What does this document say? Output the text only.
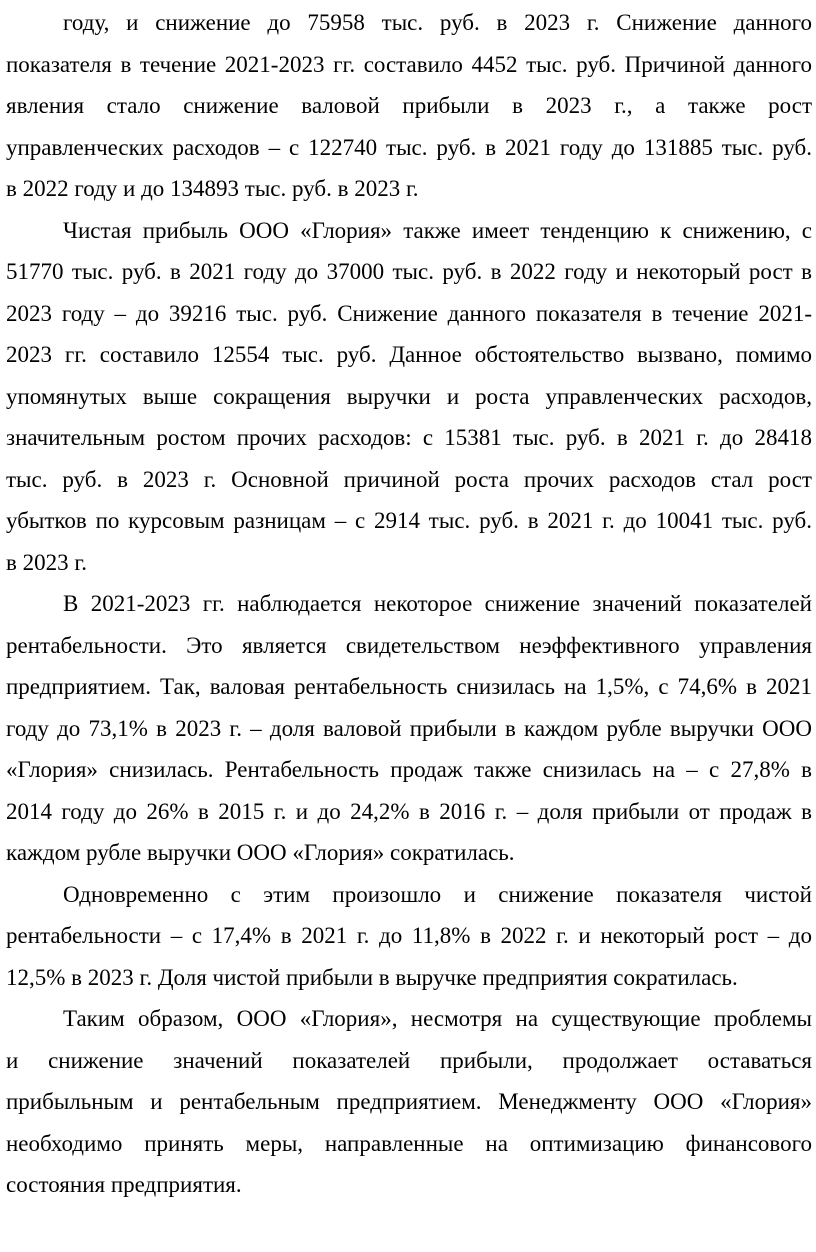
году, и снижение до 75958 тыс. руб. в 2023 г. Снижение данного
показателя в течение 2021-2023 гг. составило 4452 тыс. руб. Причиной данного
явления стало снижение валовой прибыли в 2023 г., а также рост
управленческих расходов – с 122740 тыс. руб. в 2021 году до 131885 тыс. руб.
в 2022 году и до 134893 тыс. руб. в 2023 г.

Чистая прибыль ООО «Глория» также имеет тенденцию к снижению, с
51770 тыс. руб. в 2021 году до 37000 тыс. руб. в 2022 году и некоторый рост в
2023 году – до 39216 тыс. руб. Снижение данного показателя в течение 2021-
2023 гг. составило 12554 тыс. руб. Данное обстоятельство вызвано, помимо
упомянутых выше сокращения выручки и роста управленческих расходов,
значительным ростом прочих расходов: с 15381 тыс. руб. в 2021 г. до 28418
тыс. руб. в 2023 г. Основной причиной роста прочих расходов стал рост
убытков по курсовым разницам – с 2914 тыс. руб. в 2021 г. до 10041 тыс. руб.
в 2023 г.

В 2021-2023 гг. наблюдается некоторое снижение значений показателей
рентабельности. Это является свидетельством неэффективного управления
предприятием. Так, валовая рентабельность снизилась на 1,5%, с 74,6% в 2021
году до 73,1% в 2023 г. – доля валовой прибыли в каждом рубле выручки ООО
«Глория» снизилась. Рентабельность продаж также снизилась на – с 27,8% в
2014 году до 26% в 2015 г. и до 24,2% в 2016 г. – доля прибыли от продаж в
каждом рубле выручки ООО «Глория» сократилась.

Одновременно с этим произошло и снижение показателя чистой
рентабельности – с 17,4% в 2021 г. до 11,8% в 2022 г. и некоторый рост – до
12,5% в 2023 г. Доля чистой прибыли в выручке предприятия сократилась.

Таким образом, ООО «Глория», несмотря на существующие проблемы
и снижение значений показателей прибыли, продолжает оставаться
прибыльным и рентабельным предприятием. Менеджменту ООО «Глория»
необходимо принять меры, направленные на оптимизацию финансового
состояния предприятия.
